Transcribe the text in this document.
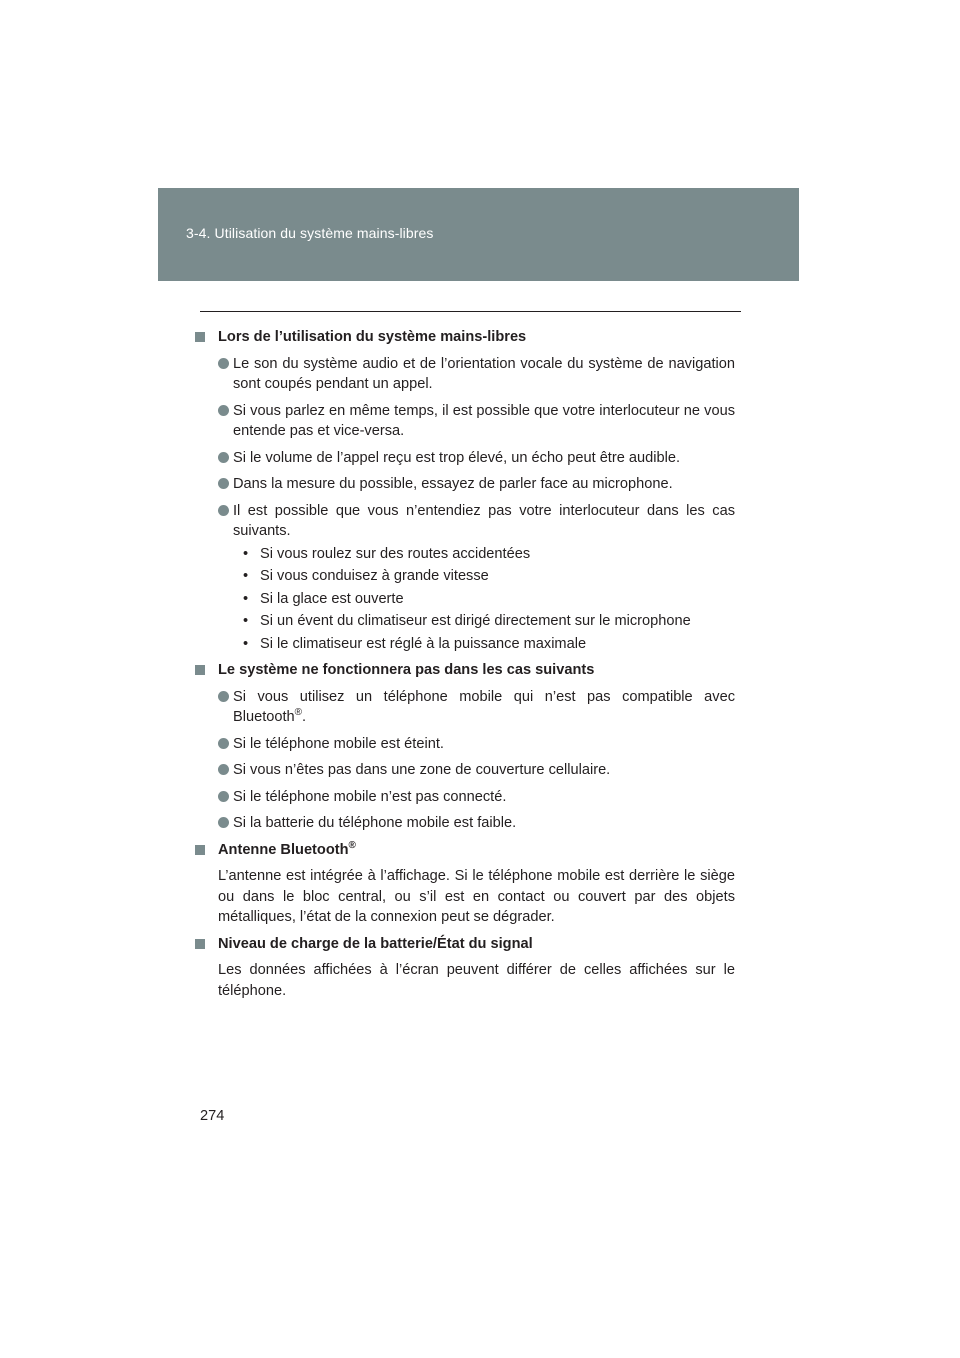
3-4. Utilisation du système mains-libres
Lors de l’utilisation du système mains-libres
Le son du système audio et de l’orientation vocale du système de navigation sont coupés pendant un appel.
Si vous parlez en même temps, il est possible que votre interlocuteur ne vous entende pas et vice-versa.
Si le volume de l’appel reçu est trop élevé, un écho peut être audible.
Dans la mesure du possible, essayez de parler face au microphone.
Il est possible que vous n’entendiez pas votre interlocuteur dans les cas suivants.
• Si vous roulez sur des routes accidentées
• Si vous conduisez à grande vitesse
• Si la glace est ouverte
• Si un évent du climatiseur est dirigé directement sur le microphone
• Si le climatiseur est réglé à la puissance maximale
Le système ne fonctionnera pas dans les cas suivants
Si vous utilisez un téléphone mobile qui n’est pas compatible avec Bluetooth®.
Si le téléphone mobile est éteint.
Si vous n’êtes pas dans une zone de couverture cellulaire.
Si le téléphone mobile n’est pas connecté.
Si la batterie du téléphone mobile est faible.
Antenne Bluetooth®
L’antenne est intégrée à l’affichage. Si le téléphone mobile est derrière le siège ou dans le bloc central, ou s’il est en contact ou couvert par des objets métalliques, l’état de la connexion peut se dégrader.
Niveau de charge de la batterie/État du signal
Les données affichées à l’écran peuvent différer de celles affichées sur le téléphone.
274
